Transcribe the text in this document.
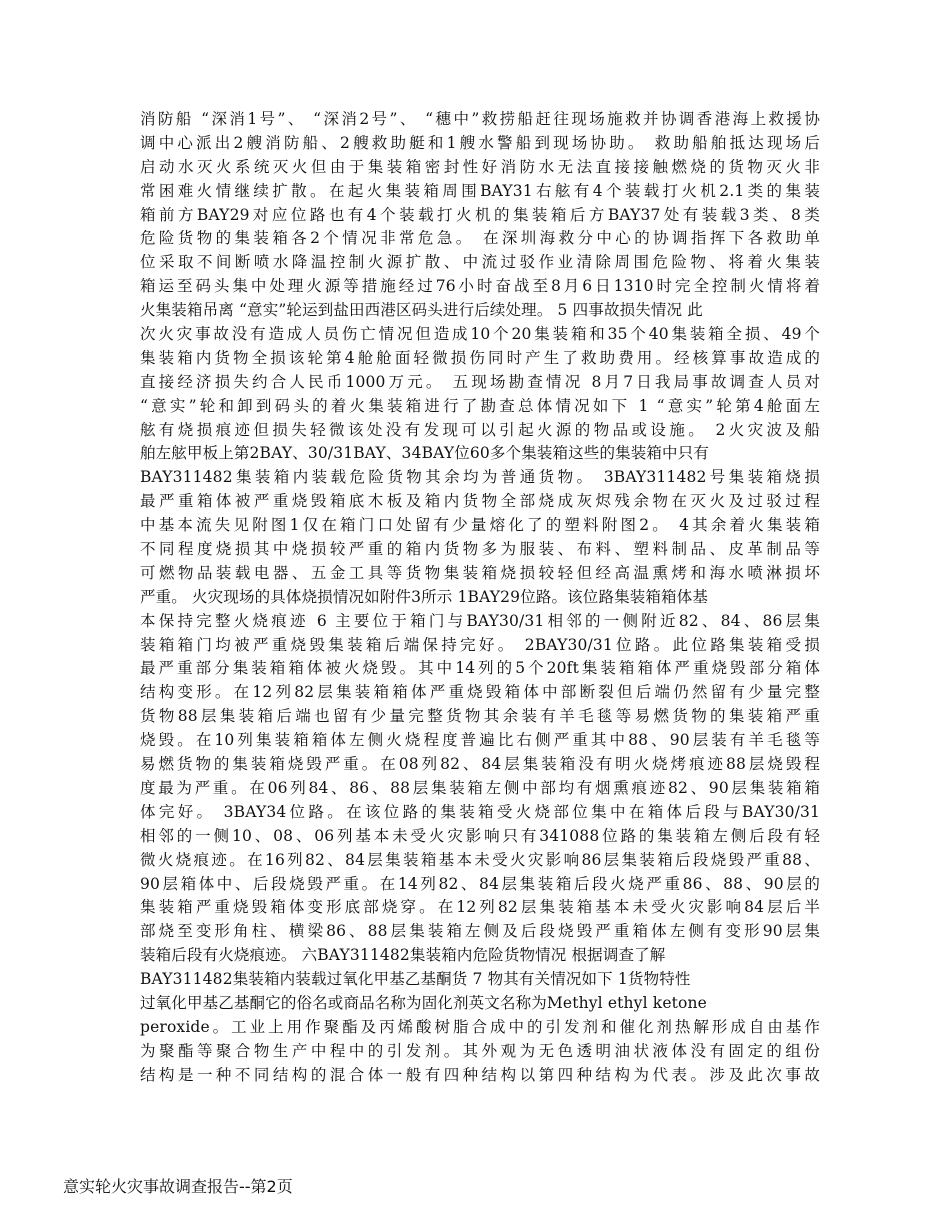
消防船 “深消1号”、 “深消2号”、 “穗中”救捞船赶往现场施救并协调香港海上救援协
调中心派出2艘消防船、2艘救助艇和1艘水警船到现场协助。 救助船舶抵达现场后
启动水灭火系统灭火但由于集装箱密封性好消防水无法直接接触燃烧的货物灭火非
常困难火情继续扩散。在起火集装箱周围BAY31右舷有4个装载打火机2.1类的集装
箱前方BAY29对应位路也有4个装载打火机的集装箱后方BAY37处有装载3类、8类
危险货物的集装箱各2个情况非常危急。 在深圳海救分中心的协调指挥下各救助单
位采取不间断喷水降温控制火源扩散、中流过驳作业清除周围危险物、将着火集装
箱运至码头集中处理火源等措施经过76小时奋战至8月6日1310时完全控制火情将着
火集装箱吊离 “意实”轮运到盐田西港区码头进行后续处理。 5 四事故损失情况 此
次火灾事故没有造成人员伤亡情况但造成10个20集装箱和35个40集装箱全损、49个
集装箱内货物全损该轮第4舱舱面轻微损伤同时产生了救助费用。经核算事故造成的
直接经济损失约合人民币1000万元。 五现场勘查情况 8月7日我局事故调查人员对
“意实”轮和卸到码头的着火集装箱进行了勘查总体情况如下 1 “意实”轮第4舱面左
舷有烧损痕迹但损失轻微该处没有发现可以引起火源的物品或设施。 2火灾波及船
舶左舷甲板上第2BAY、30/31BAY、34BAY位60多个集装箱这些的集装箱中只有
BAY311482集装箱内装载危险货物其余均为普通货物。 3BAY311482号集装箱烧损
最严重箱体被严重烧毁箱底木板及箱内货物全部烧成灰烬残余物在灭火及过驳过程
中基本流失见附图1仅在箱门口处留有少量熔化了的塑料附图2。 4其余着火集装箱
不同程度烧损其中烧损较严重的箱内货物多为服装、布料、塑料制品、皮革制品等
可燃物品装载电器、五金工具等货物集装箱烧损较轻但经高温熏烤和海水喷淋损坏
严重。 火灾现场的具体烧损情况如附件3所示 1BAY29位路。该位路集装箱箱体基
本保持完整火烧痕迹 6 主要位于箱门与BAY30/31相邻的一侧附近82、84、86层集
装箱箱门均被严重烧毁集装箱后端保持完好。 2BAY30/31位路。此位路集装箱受损
最严重部分集装箱箱体被火烧毁。其中14列的5个20ft集装箱箱体严重烧毁部分箱体
结构变形。在12列82层集装箱箱体严重烧毁箱体中部断裂但后端仍然留有少量完整
货物88层集装箱后端也留有少量完整货物其余装有羊毛毯等易燃货物的集装箱严重
烧毁。在10列集装箱箱体左侧火烧程度普遍比右侧严重其中88、90层装有羊毛毯等
易燃货物的集装箱烧毁严重。在08列82、84层集装箱没有明火烧烤痕迹88层烧毁程
度最为严重。在06列84、86、88层集装箱左侧中部均有烟熏痕迹82、90层集装箱箱
体完好。 3BAY34位路。在该位路的集装箱受火烧部位集中在箱体后段与BAY30/31
相邻的一侧10、08、06列基本未受火灾影响只有341088位路的集装箱左侧后段有轻
微火烧痕迹。在16列82、84层集装箱基本未受火灾影响86层集装箱后段烧毁严重88、
90层箱体中、后段烧毁严重。在14列82、84层集装箱后段火烧严重86、88、90层的
集装箱严重烧毁箱体变形底部烧穿。在12列82层集装箱基本未受火灾影响84层后半
部烧至变形角柱、横梁86、88层集装箱左侧及后段烧毁严重箱体左侧有变形90层集
装箱后段有火烧痕迹。 六BAY311482集装箱内危险货物情况 根据调查了解
BAY311482集装箱内装载过氧化甲基乙基酮货 7 物其有关情况如下 1货物特性
过氧化甲基乙基酮它的俗名或商品名称为固化剂英文名称为Methyl ethyl ketone
peroxide。工业上用作聚酯及丙烯酸树脂合成中的引发剂和催化剂热解形成自由基作
为聚酯等聚合物生产中程中的引发剂。其外观为无色透明油状液体没有固定的组份
结构是一种不同结构的混合体一般有四种结构以第四种结构为代表。涉及此次事故
意实轮火灾事故调查报告--第2页
